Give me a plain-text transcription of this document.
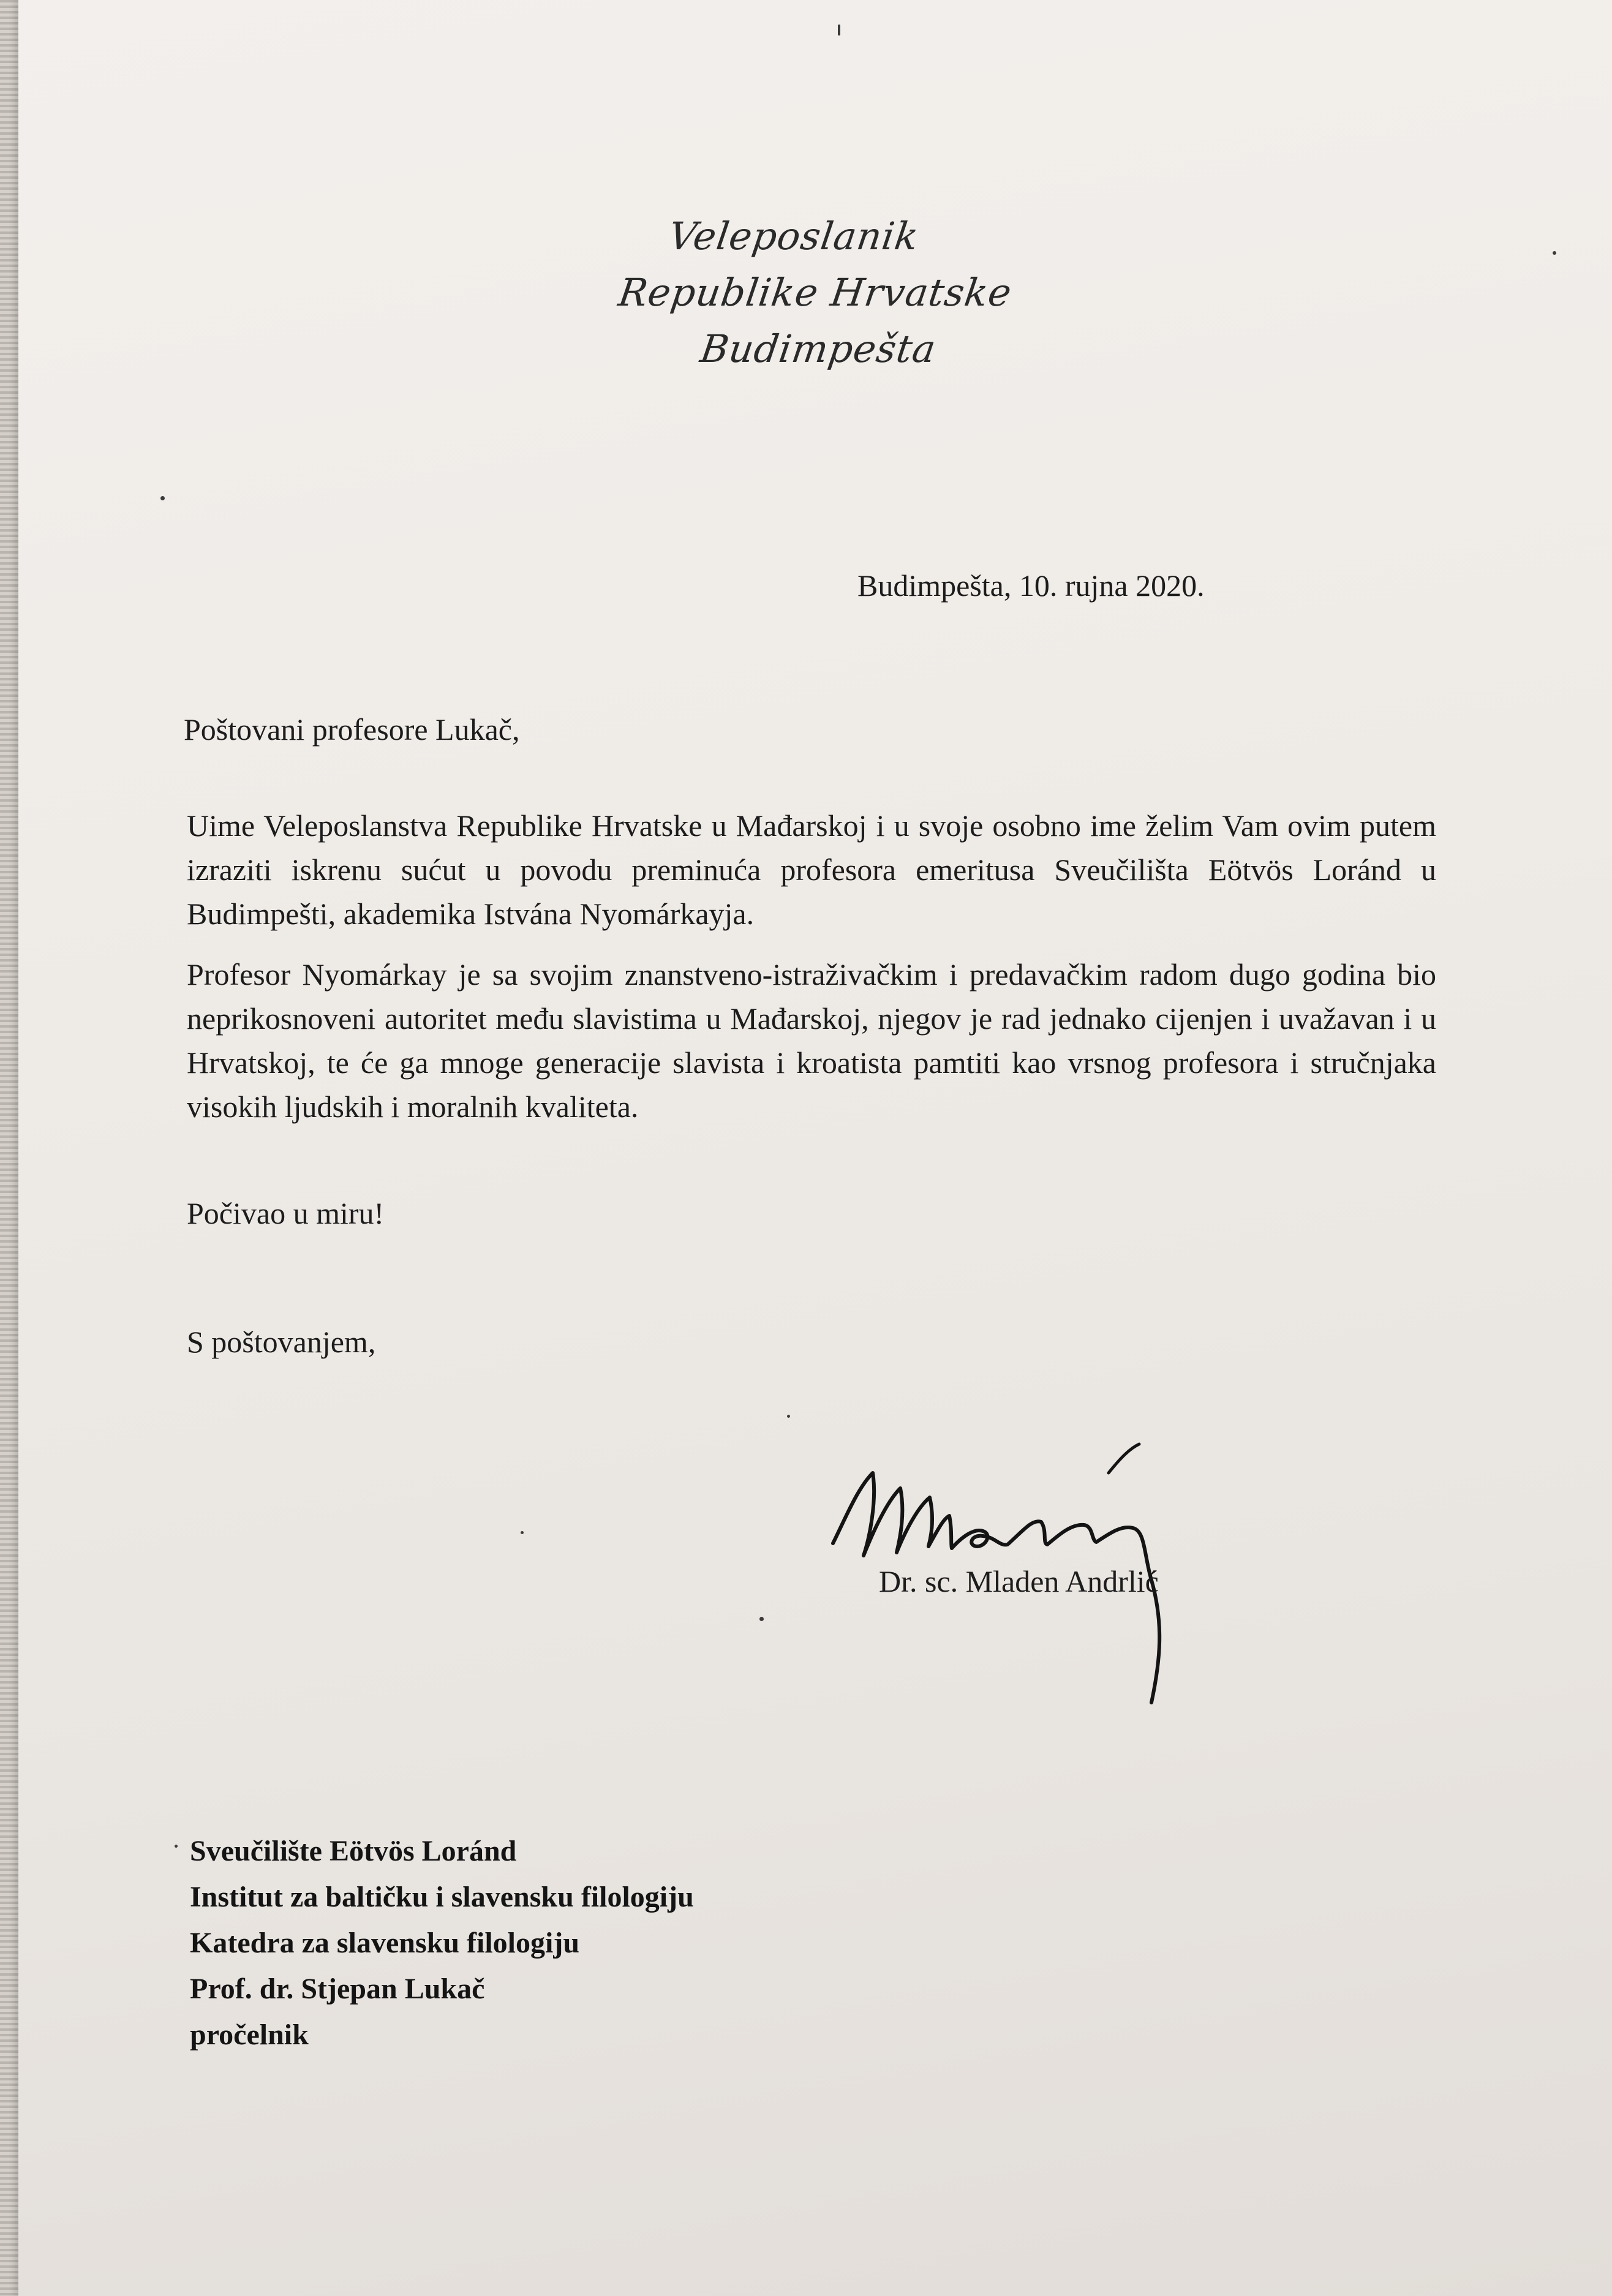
Veleposlanik
Republike Hrvatske
Budimpešta
Budimpešta, 10. rujna 2020.
Poštovani profesore Lukač,
Uime Veleposlanstva Republike Hrvatske u Mađarskoj i u svoje osobno ime želim Vam ovim putem izraziti iskrenu sućut u povodu preminuća profesora emeritusa Sveučilišta Eötvös Loránd u Budimpešti, akademika Istvána Nyomárkayja.
Profesor Nyomárkay je sa svojim znanstveno-istraživačkim i predavačkim radom dugo godina bio neprikosnoveni autoritet među slavistima u Mađarskoj, njegov je rad jednako cijenjen i uvažavan i u Hrvatskoj, te će ga mnoge generacije slavista i kroatista pamtiti kao vrsnog profesora i stručnjaka visokih ljudskih i moralnih kvaliteta.
Počivao u miru!
S poštovanjem,
Dr. sc. Mladen Andrlić
Sveučilište Eötvös Loránd
Institut za baltičku i slavensku filologiju
Katedra za slavensku filologiju
Prof. dr. Stjepan Lukač
pročelnik
